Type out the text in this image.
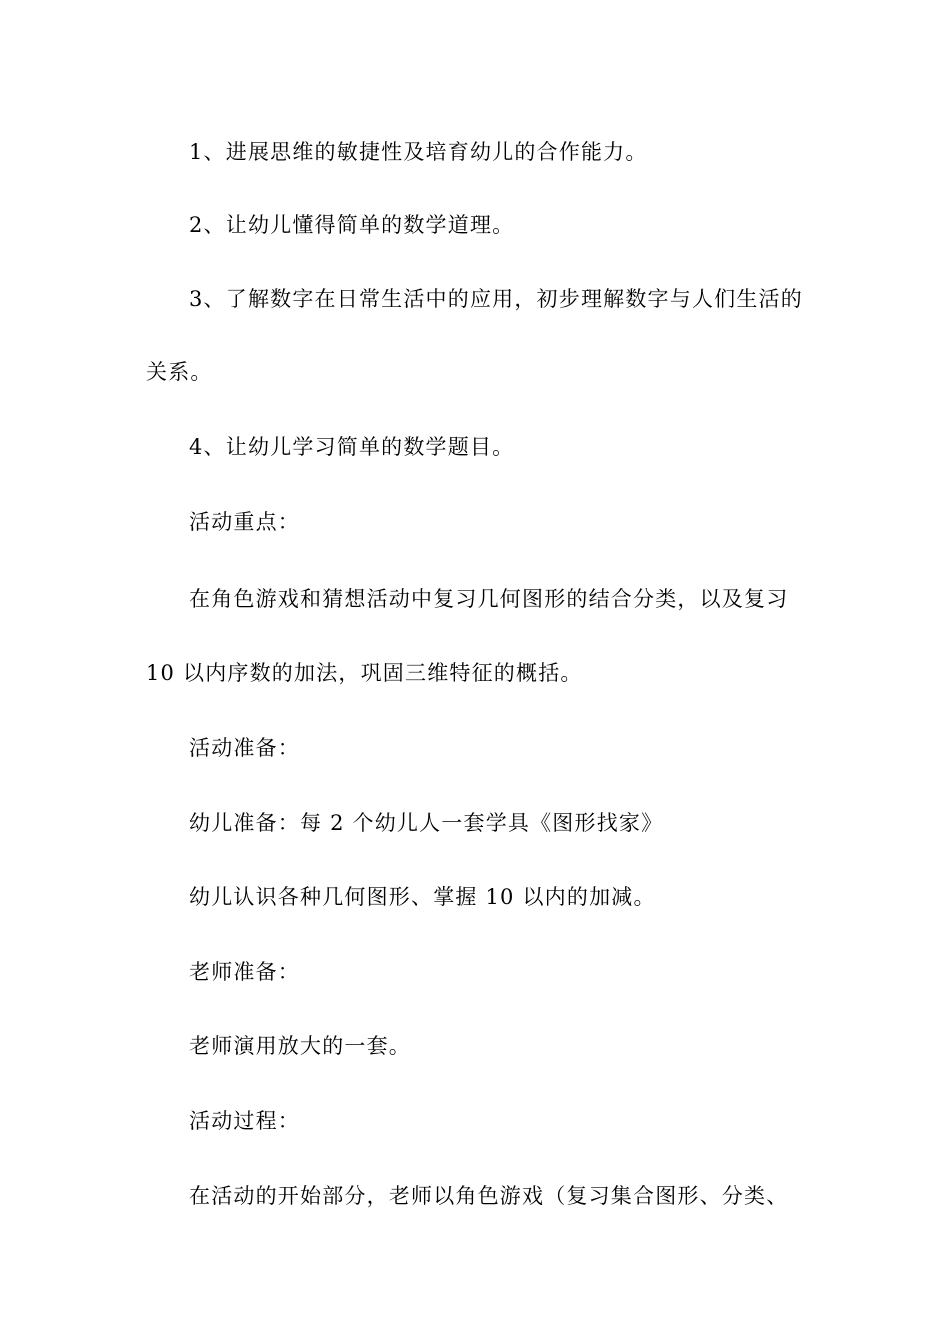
1、进展思维的敏捷性及培育幼儿的合作能力。
2、让幼儿懂得简单的数学道理。
3、了解数字在日常生活中的应用，初步理解数字与人们生活的
关系。
4、让幼儿学习简单的数学题目。
活动重点：
在角色游戏和猜想活动中复习几何图形的结合分类，以及复习
10 以内序数的加法，巩固三维特征的概括。
活动准备：
幼儿准备：每 2 个幼儿人一套学具《图形找家》
幼儿认识各种几何图形、掌握 10 以内的加减。
老师准备：
老师演用放大的一套。
活动过程：
在活动的开始部分，老师以角色游戏（复习集合图形、分类、
